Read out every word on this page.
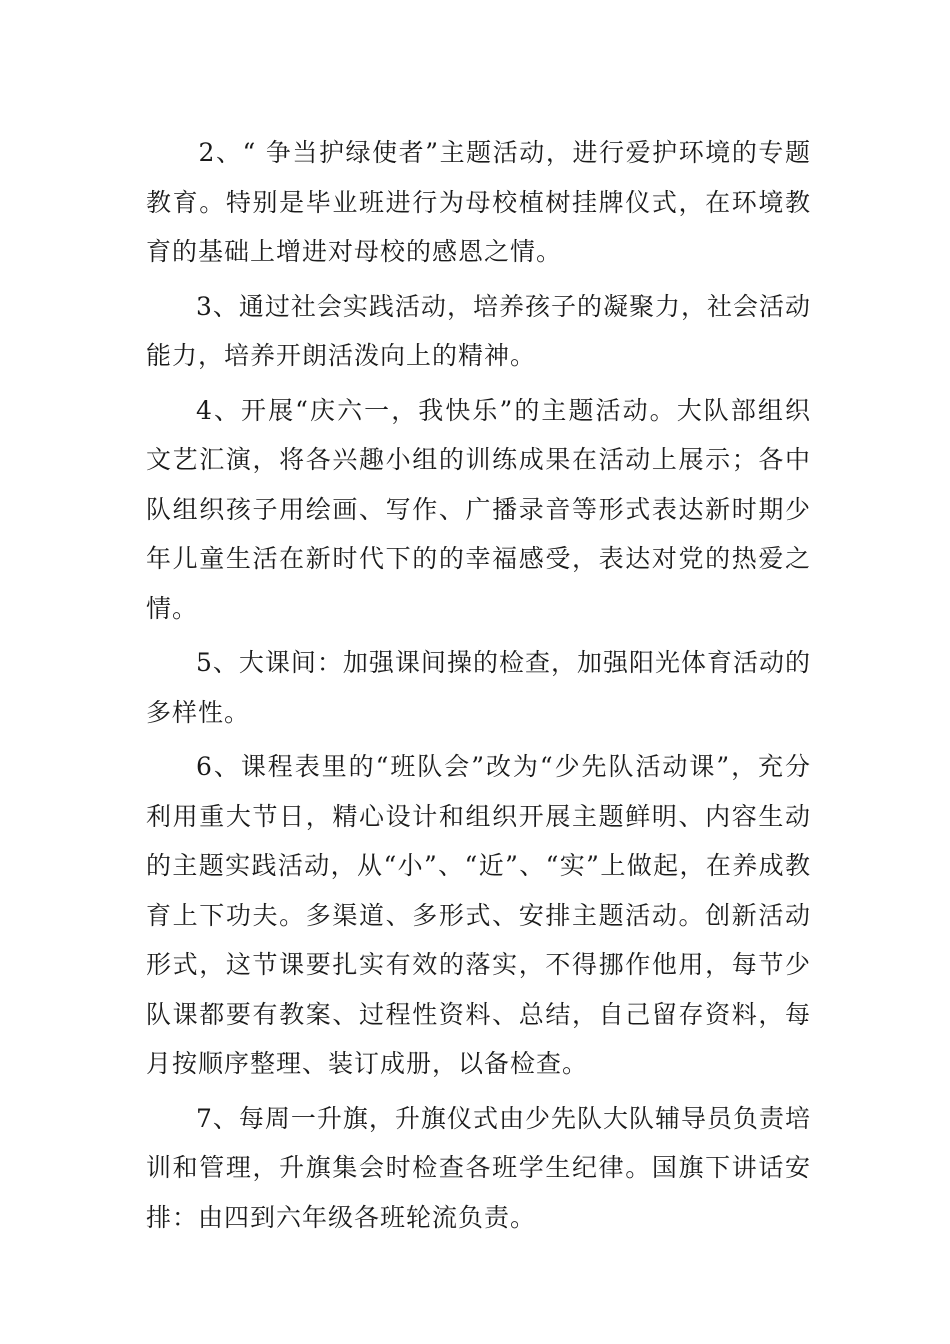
2、“ 争当护绿使者”主题活动，进行爱护环境的专题教育。特别是毕业班进行为母校植树挂牌仪式，在环境教育的基础上增进对母校的感恩之情。

3、通过社会实践活动，培养孩子的凝聚力，社会活动能力，培养开朗活泼向上的精神。

4、开展“庆六一，我快乐”的主题活动。大队部组织文艺汇演，将各兴趣小组的训练成果在活动上展示；各中队组织孩子用绘画、写作、广播录音等形式表达新时期少年儿童生活在新时代下的的幸福感受，表达对党的热爱之情。

5、大课间：加强课间操的检查，加强阳光体育活动的多样性。

6、课程表里的“班队会”改为“少先队活动课”，充分利用重大节日，精心设计和组织开展主题鲜明、内容生动的主题实践活动，从“小”、“近”、“实”上做起，在养成教育上下功夫。多渠道、多形式、安排主题活动。创新活动形式，这节课要扎实有效的落实，不得挪作他用，每节少队课都要有教案、过程性资料、总结，自己留存资料，每月按顺序整理、装订成册，以备检查。

7、每周一升旗，升旗仪式由少先队大队辅导员负责培训和管理，升旗集会时检查各班学生纪律。国旗下讲话安排：由四到六年级各班轮流负责。
